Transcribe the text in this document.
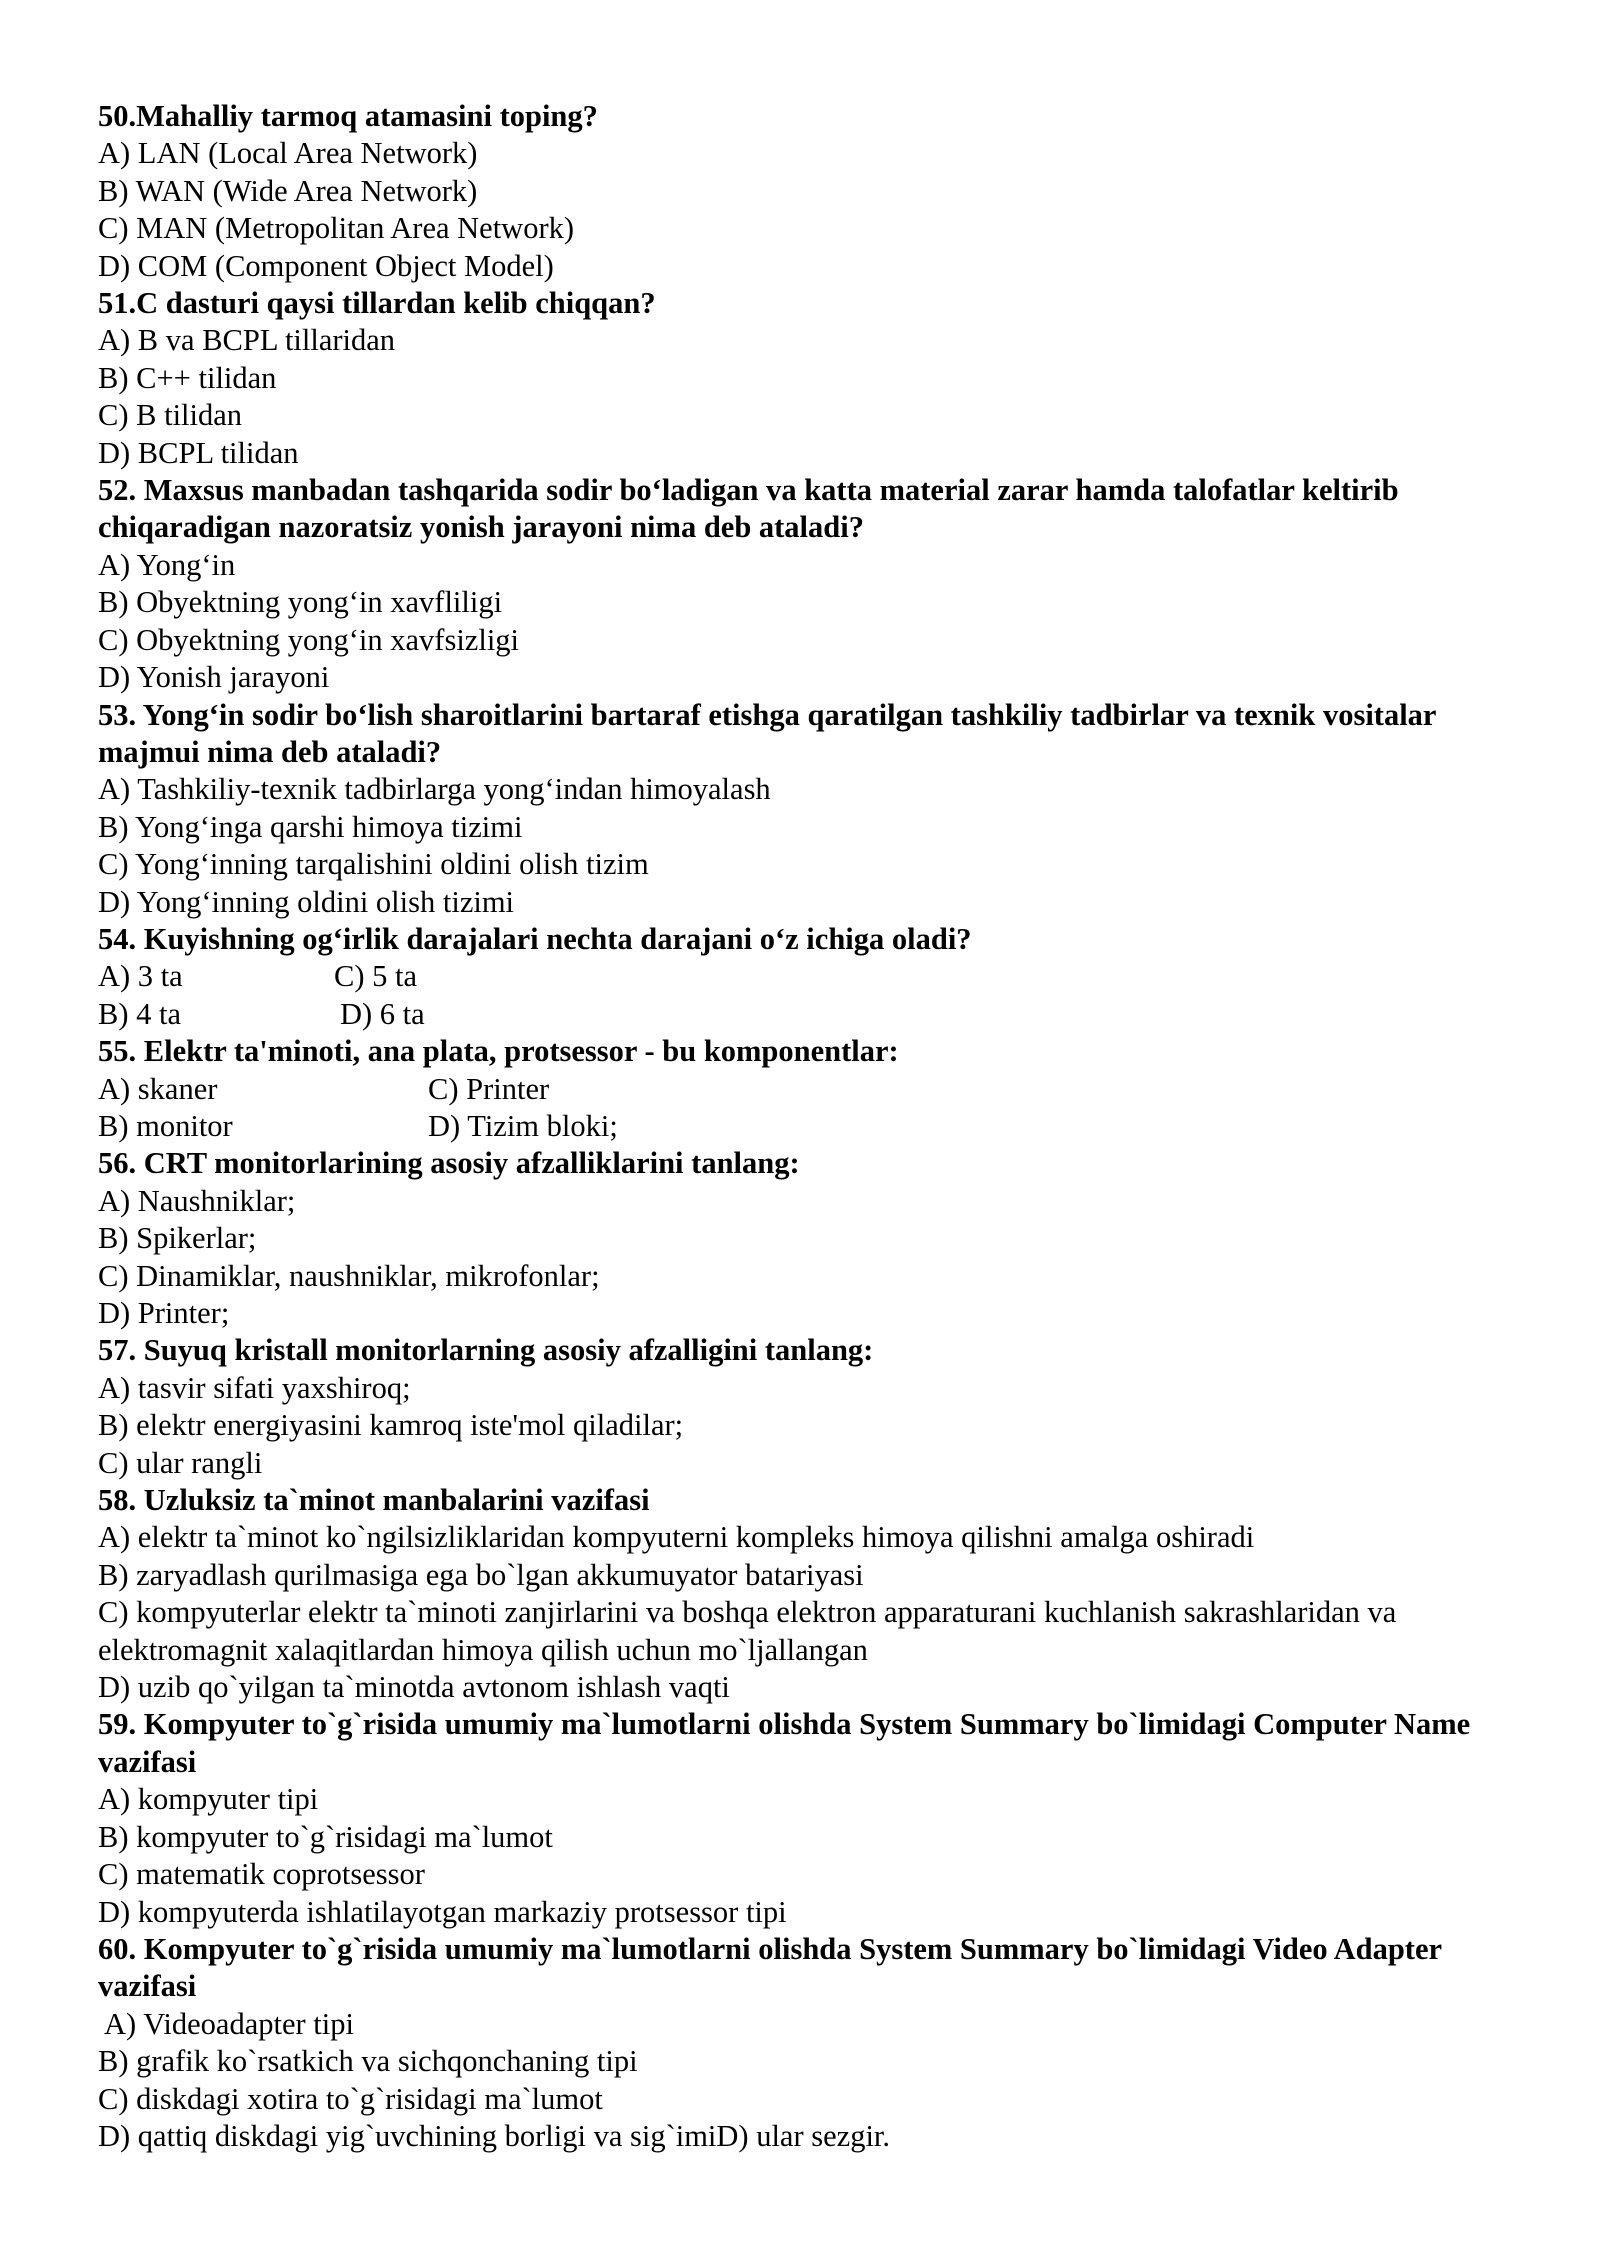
50.Mahalliy tarmoq atamasini toping?
A) LAN (Local Area Network)
B) WAN (Wide Area Network)
C) MAN (Metropolitan Area Network)
D) COM (Component Object Model)
51.C dasturi qaysi tillardan kelib chiqqan?
A) B va BCPL tillaridan
B) C++ tilidan
C) B tilidan
D) BCPL tilidan
52. Maxsus manbadan tashqarida sodir bo‘ladigan va katta material zarar hamda talofatlar keltirib chiqaradigan nazoratsiz yonish jarayoni nima deb ataladi?
A) Yong‘in
B) Obyektning yong‘in xavfliligi
C) Obyektning yong‘in xavfsizligi
D) Yonish jarayoni
53. Yong‘in sodir bo‘lish sharoitlarini bartaraf etishga qaratilgan tashkiliy tadbirlar va texnik vositalar majmui nima deb ataladi?
A) Tashkiliy-texnik tadbirlarga yong‘indan himoyalash
B) Yong‘inga qarshi himoya tizimi
C) Yong‘inning tarqalishini oldini olish tizim
D) Yong‘inning oldini olish tizimi
54. Kuyishning og‘irlik darajalari nechta darajani o‘z ichiga oladi?
A) 3 ta	C) 5 ta
B) 4 ta	D) 6 ta
55. Elektr ta'minoti, ana plata, protsessor - bu komponentlar:
A) skaner	C) Printer
B) monitor	D) Tizim bloki;
56. CRT monitorlarining asosiy afzalliklarini tanlang:
A) Naushniklar;
B) Spikerlar;
C) Dinamiklar, naushniklar, mikrofonlar;
D) Printer;
57. Suyuq kristall monitorlarning asosiy afzalligini tanlang:
A) tasvir sifati yaxshiroq;
B) elektr energiyasini kamroq iste'mol qiladilar;
C) ular rangli
58. Uzluksiz ta`minot manbalarini vazifasi
A) elektr ta`minot ko`ngilsizliklaridan kompyuterni kompleks himoya qilishni amalga oshiradi
B) zaryadlash qurilmasiga ega bo`lgan akkumuyator batariyasi
C) kompyuterlar elektr ta`minoti zanjirlarini va boshqa elektron apparaturani kuchlanish sakrashlaridan va elektromagnit xalaqitlardan himoya qilish uchun mo`ljallangan
D) uzib qo`yilgan ta`minotda avtonom ishlash vaqti
59. Kompyuter to`g`risida umumiy ma`lumotlarni olishda System Summary bo`limidagi Computer Name vazifasi
A) kompyuter tipi
B) kompyuter to`g`risidagi ma`lumot
C) matematik coprotsessor
D) kompyuterda ishlatilayotgan markaziy protsessor tipi
60. Kompyuter to`g`risida umumiy ma`lumotlarni olishda System Summary bo`limidagi Video Adapter vazifasi
A) Videoadapter tipi
B) grafik ko`rsatkich va sichqonchaning tipi
C) diskdagi xotira to`g`risidagi ma`lumot
D) qattiq diskdagi yig`uvchining borligi va sig`imiD) ular sezgir.
